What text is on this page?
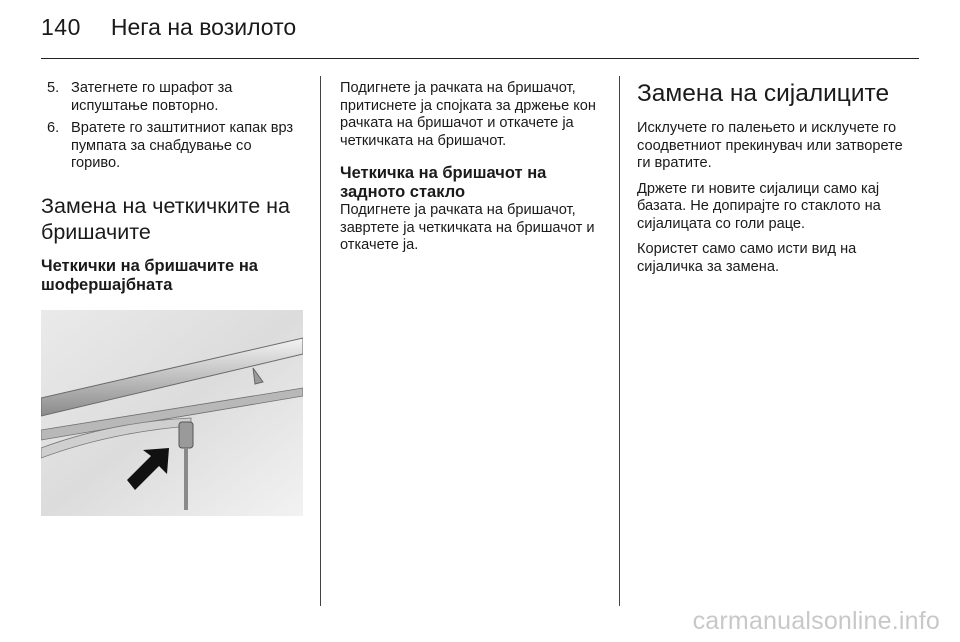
140 Нега на возилото
5. Затегнете го шрафот за испуштање повторно.
6. Вратете го заштитниот капак врз пумпата за снабдување со гориво.
Замена на четкичките на бришачите
Четкички на бришачите на шофершајбната

Подигнете ја рачката на бришачот, притиснете ја спојката за држење кон рачката на бришачот и откачете ја четкичката на бришачот.

Четкичка на бришачот на задното стакло

Подигнете ја рачката на бришачот, завртете ја четкичката на бришачот и откачете ја.

Замена на сијалиците

Исклучете го палењето и исклучете го соодветниот прекинувач или затворете ги вратите.

Држете ги новите сијалици само кај базата. Не допирајте го стаклото на сијалицата со голи раце.

Користет само само исти вид на сијаличка за замена.

carmanualsonline.info
